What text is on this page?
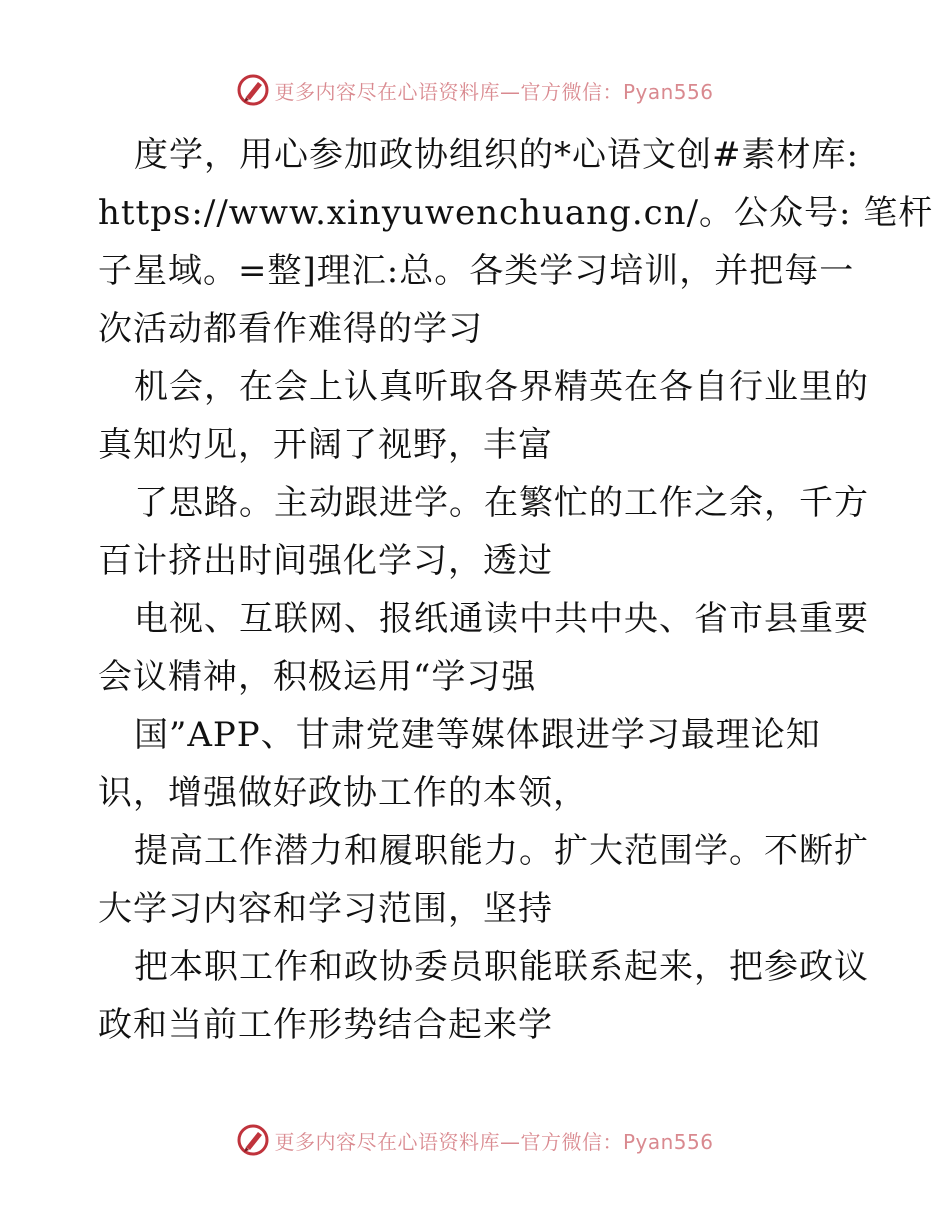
更多内容尽在心语资料库—官方微信：Pyan556
度学，用心参加政协组织的*心语文创#素材库:
https://www.xinyuwenchuang.cn/。公众号: 笔杆
子星域。=整]理汇:总。各类学习培训，并把每一
次活动都看作难得的学习
机会，在会上认真听取各界精英在各自行业里的
真知灼见，开阔了视野，丰富
了思路。主动跟进学。在繁忙的工作之余，千方
百计挤出时间强化学习，透过
电视、互联网、报纸通读中共中央、省市县重要
会议精神，积极运用“学习强
国”APP、甘肃党建等媒体跟进学习最理论知
识，增强做好政协工作的本领，
提高工作潜力和履职能力。扩大范围学。不断扩
大学习内容和学习范围，坚持
把本职工作和政协委员职能联系起来，把参政议
政和当前工作形势结合起来学
更多内容尽在心语资料库—官方微信：Pyan556
